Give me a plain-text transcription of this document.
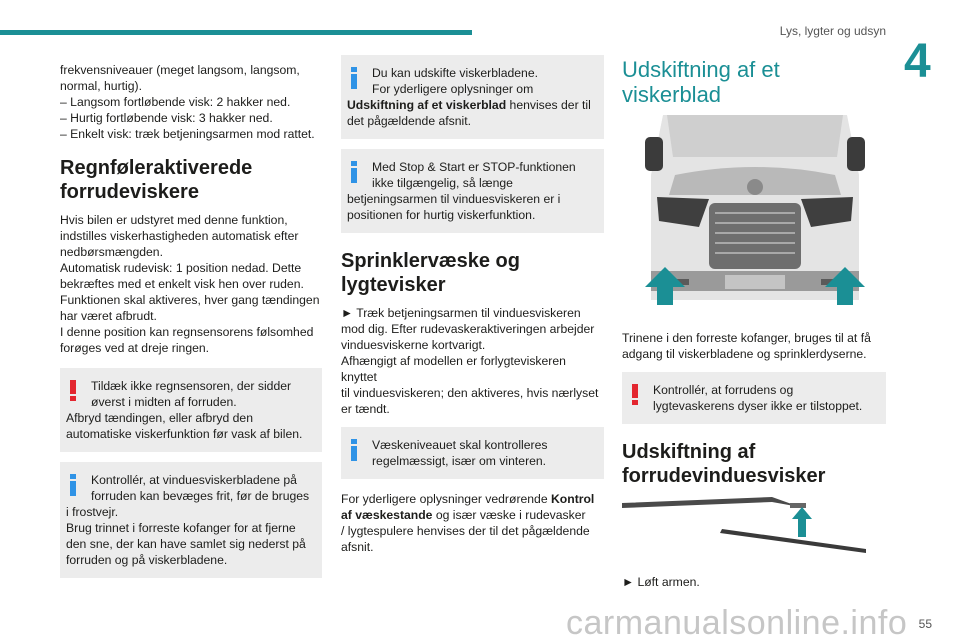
Lys, lygter og udsyn
4
frekvensniveauer (meget langsom, langsom,
normal, hurtig).
– Langsom fortløbende visk: 2 hakker ned.
– Hurtig fortløbende visk: 3 hakker ned.
– Enkelt visk: træk betjeningsarmen mod rattet.
Regnføleraktiverede
forrudeviskere
Hvis bilen er udstyret med denne funktion,
indstilles viskerhastigheden automatisk efter
nedbørsmængden.
Automatisk rudevisk: 1 position nedad. Dette
bekræftes med et enkelt visk hen over ruden.
Funktionen skal aktiveres, hver gang tændingen
har været afbrudt.
I denne position kan regnsensorens følsomhed
forøges ved at dreje ringen.
Tildæk ikke regnsensoren, der sidder
øverst i midten af forruden.
Afbryd tændingen, eller afbryd den
automatiske viskerfunktion før vask af bilen.
Kontrollér, at vinduesviskerbladene på
forruden kan bevæges frit, før de bruges
i frostvejr.
Brug trinnet i forreste kofanger for at fjerne
den sne, der kan have samlet sig nederst på
forruden og på viskerbladene.
Du kan udskifte viskerbladene.
For yderligere oplysninger om
Udskiftning af et viskerblad henvises der til
det pågældende afsnit.
Med Stop & Start er STOP-funktionen
ikke tilgængelig, så længe
betjeningsarmen til vinduesviskeren er i
positionen for hurtig viskerfunktion.
Sprinklervæske og
lygtevisker
► Træk betjeningsarmen til vinduesviskeren
mod dig. Efter rudevaskeraktiveringen arbejder
vinduesviskerne kortvarigt.
Afhængigt af modellen er forlygteviskeren knyttet
til vinduesviskeren; den aktiveres, hvis nærlyset
er tændt.
Væskeniveauet skal kontrolleres
regelmæssigt, især om vinteren.
For yderligere oplysninger vedrørende Kontrol
af væskestande og især væske i rudevasker
/ lygtespulere henvises der til det pågældende
afsnit.
Udskiftning af et
viskerblad
Trinene i den forreste kofanger, bruges til at få
adgang til viskerbladene og sprinklerdyserne.
Kontrollér, at forrudens og
lygtevaskerens dyser ikke er tilstoppet.
Udskiftning af
forrudevinduesvisker
► Løft armen.
carmanualsonline.info 55
